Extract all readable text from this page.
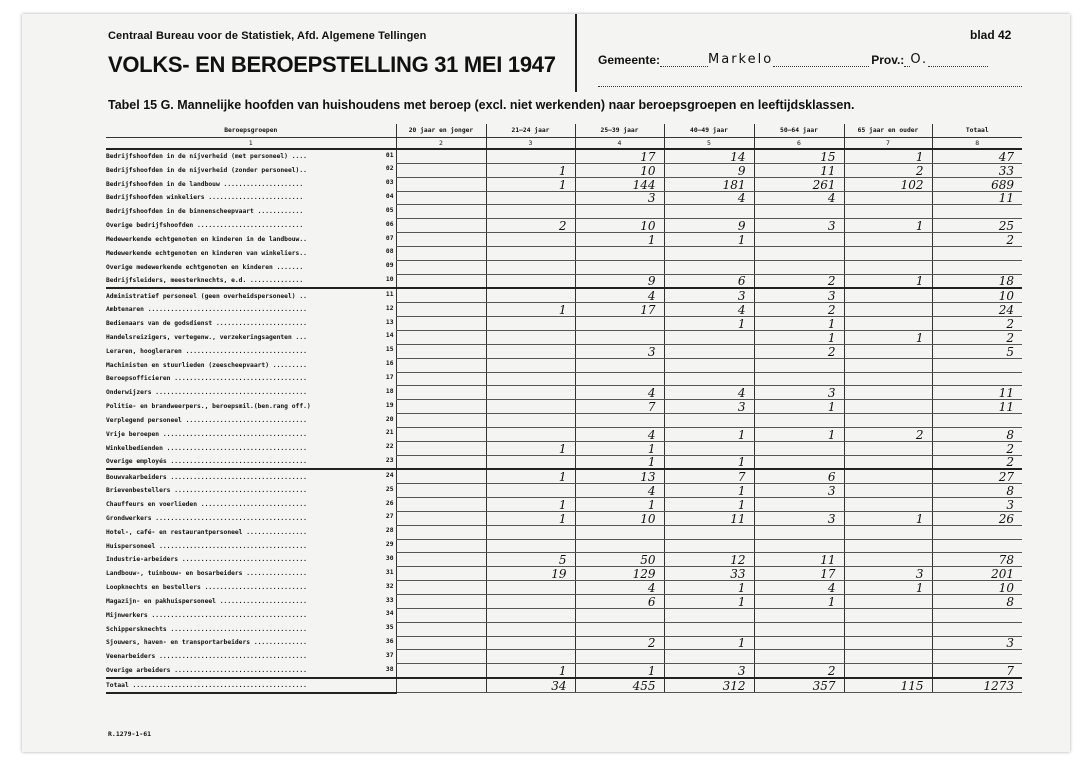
Centraal Bureau voor de Statistiek, Afd. Algemene Tellingen
VOLKS- EN BEROEPSTELLING 31 MEI 1947
blad 42
Gemeente:	Markelo	Prov.: O.
Tabel 15 G. Mannelijke hoofden van huishoudens met beroep (excl. niet werkenden) naar beroepsgroepen en leeftijdsklassen.
Beroepsgroepen	20 jaar en jonger	21–24 jaar	25–39 jaar	40–49 jaar	50–64 jaar	65 jaar en ouder	Totaal
1	2	3	4	5	6	7	8
Bedrijfshoofden in de nijverheid (met personeel) .... 01			17	14	15	1	47
Bedrijfshoofden in de nijverheid (zonder personeel).. 02		1	10	9	11	2	33
Bedrijfshoofden in de landbouw ..................... 03		1	144	181	261	102	689
Bedrijfshoofden winkeliers ......................... 04			3	4	4		11
Bedrijfshoofden in de binnenscheepvaart ............ 05							

Overige bedrijfshoofden ............................ 06		2	10	9	3	1	25
Medewerkende echtgenoten en kinderen in de landbouw.. 07			1	1			2
Medewerkende echtgenoten en kinderen van winkeliers.. 08							

Overige medewerkende echtgenoten en kinderen ....... 09							

Bedrijfsleiders, meesterknechts, e.d. .............. 10			9	6	2	1	18
Administratief personeel (geen overheidspersoneel) .. 11			4	3	3		10
Ambtenaren .......................................... 12		1	17	4	2		24
Bedienaars van de godsdienst ........................ 13				1	1		2
Handelsreizigers, vertegenw., verzekeringsagenten ... 14					1	1	2
Leraren, hoogleraren ................................ 15			3		2		5
Machinisten en stuurlieden (zeescheepvaart) ......... 16							

Beroepsofficieren ................................... 17							

Onderwijzers ........................................ 18			4	4	3		11
Politie- en brandweerpers., beroepsmil.(ben.rang off.) 19			7	3	1		11
Verplegend personeel ................................ 20							

Vrije beroepen ...................................... 21			4	1	1	2	8
Winkelbedienden ..................................... 22		1	1				2
Overige employés .................................... 23			1	1			2
Bouwvakarbeiders .................................... 24		1	13	7	6		27
Brievenbestellers ................................... 25			4	1	3		8
Chauffeurs en voerlieden ............................ 26		1	1	1			3
Grondwerkers ........................................ 27		1	10	11	3	1	26
Hotel-, café- en restaurantpersoneel ................ 28							

Huispersoneel ....................................... 29							

Industrie-arbeiders ................................. 30		5	50	12	11		78
Landbouw-, tuinbouw- en bosarbeiders ................ 31		19	129	33	17	3	201
Loopknechts en bestellers ........................... 32			4	1	4	1	10
Magazijn- en pakhuispersoneel ....................... 33			6	1	1		8
Mijnwerkers ......................................... 34							

Schippersknechts .................................... 35							

Sjouwers, haven- en transportarbeiders .............. 36			2	1			3
Veenarbeiders ....................................... 37							

Overige arbeiders ................................... 38		1	1	3	2		7
Totaal ..............................................		34	455	312	357	115	1273
R.1279-1-61
